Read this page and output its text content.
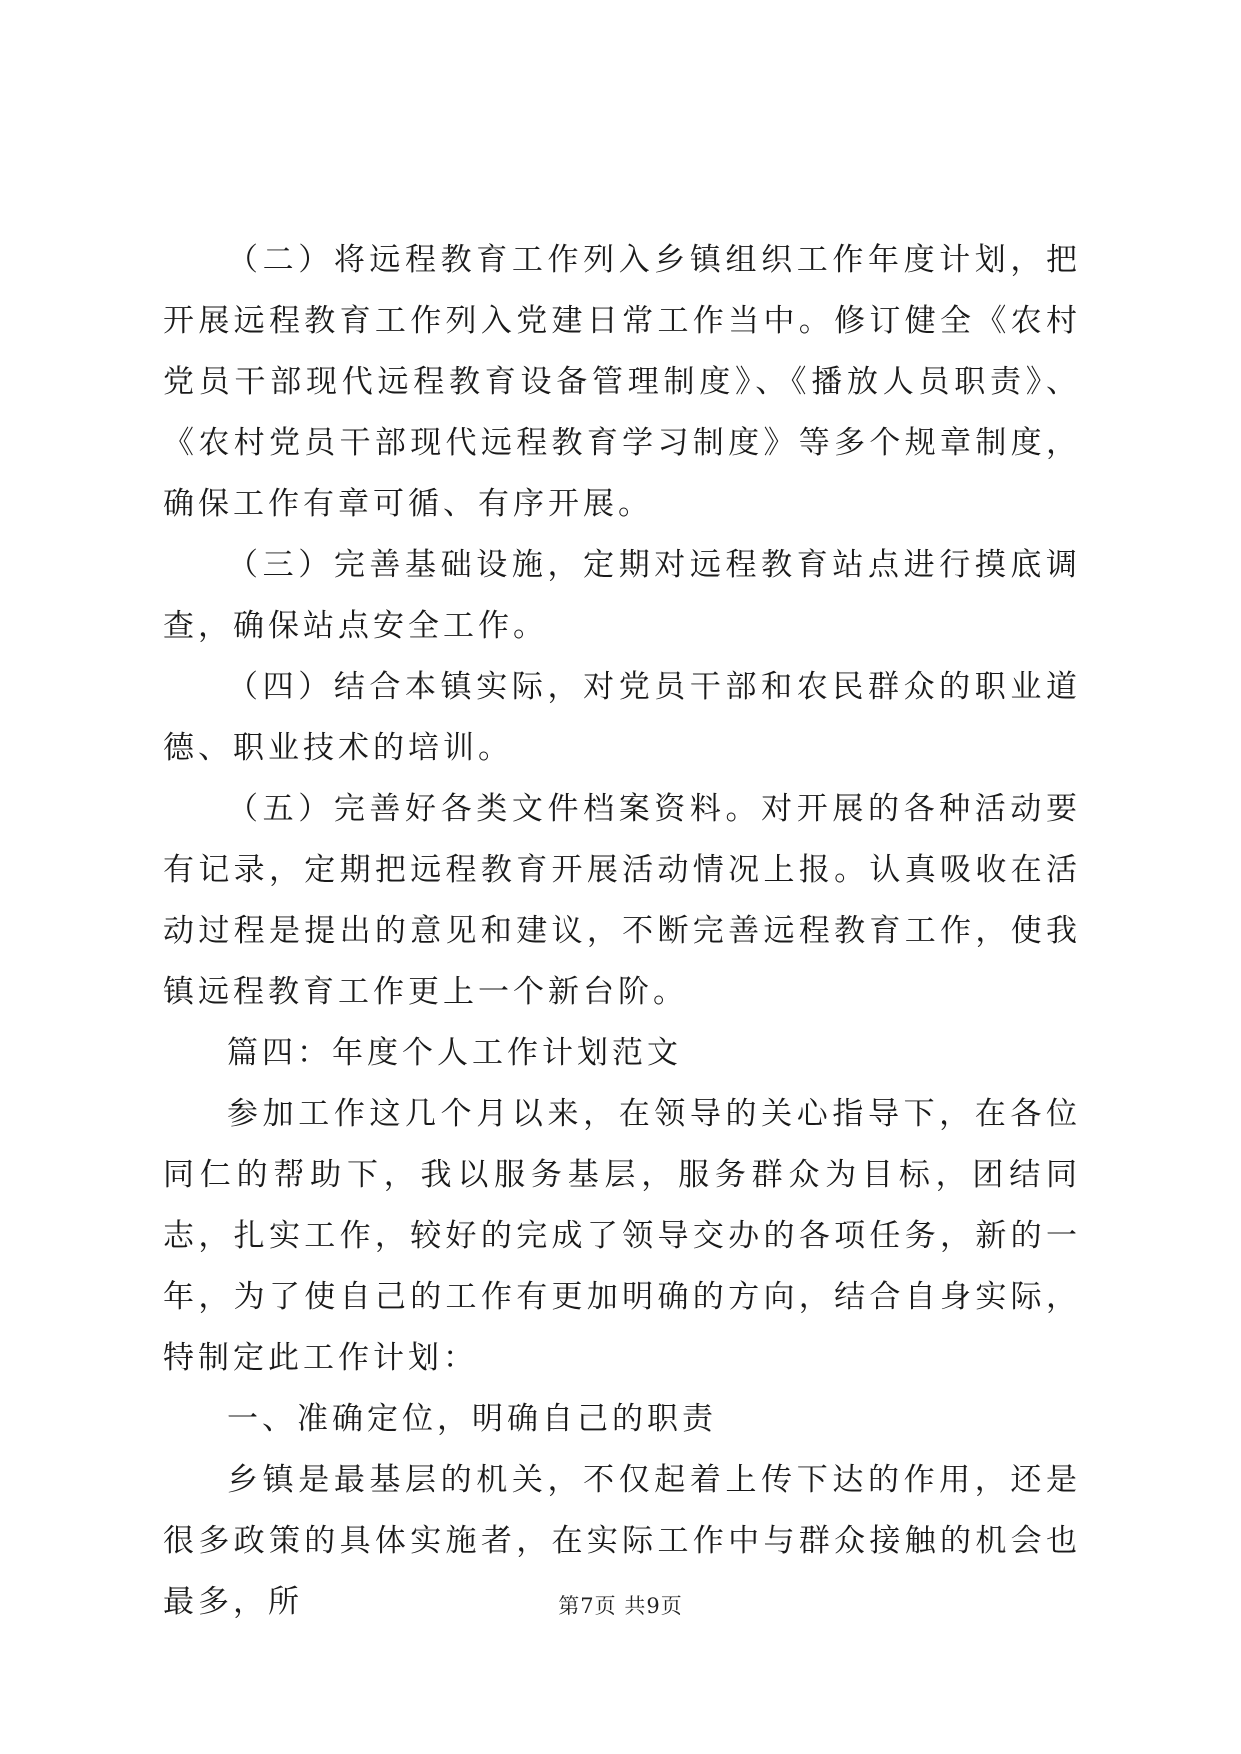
（二）将远程教育工作列入乡镇组织工作年度计划，把开展远程教育工作列入党建日常工作当中。修订健全《农村党员干部现代远程教育设备管理制度》、《播放人员职责》、《农村党员干部现代远程教育学习制度》等多个规章制度，确保工作有章可循、有序开展。

（三）完善基础设施，定期对远程教育站点进行摸底调查，确保站点安全工作。

（四）结合本镇实际，对党员干部和农民群众的职业道德、职业技术的培训。

（五）完善好各类文件档案资料。对开展的各种活动要有记录，定期把远程教育开展活动情况上报。认真吸收在活动过程是提出的意见和建议，不断完善远程教育工作，使我镇远程教育工作更上一个新台阶。

篇四：年度个人工作计划范文

参加工作这几个月以来，在领导的关心指导下，在各位同仁的帮助下，我以服务基层，服务群众为目标，团结同志，扎实工作，较好的完成了领导交办的各项任务，新的一年，为了使自己的工作有更加明确的方向，结合自身实际，特制定此工作计划：

一、准确定位，明确自己的职责

乡镇是最基层的机关，不仅起着上传下达的作用，还是很多政策的具体实施者，在实际工作中与群众接触的机会也最多，所	第7页 共9页
